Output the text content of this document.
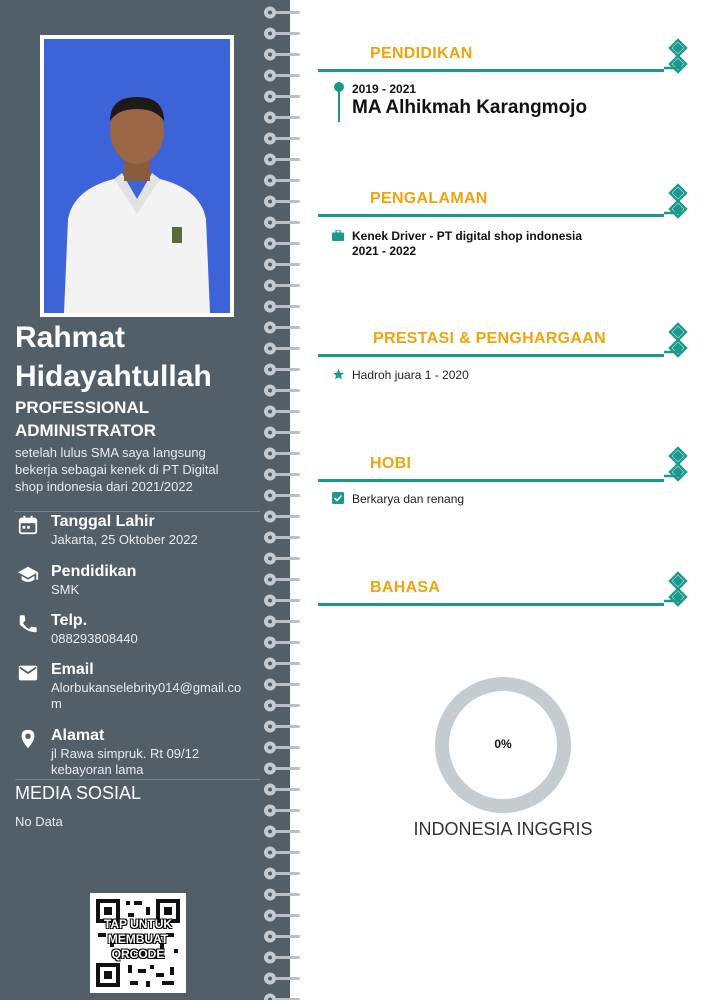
Rahmat Hidayahtullah
PROFESSIONAL ADMINISTRATOR
setelah lulus SMA saya langsung bekerja sebagai kenek di PT Digital shop indonesia dari 2021/2022
Tanggal Lahir
Jakarta, 25 Oktober 2022
Pendidikan
SMK
Telp.
088293808440
Email
Alorbukanselebrity014@gmail.com
Alamat
jl Rawa simpruk. Rt 09/12 kebayoran lama
MEDIA SOSIAL
No Data
TAP UNTUK MEMBUAT QRCODE
PENDIDIKAN
2019 - 2021
MA Alhikmah Karangmojo
PENGALAMAN
Kenek Driver - PT digital shop indonesia
2021 - 2022
PRESTASI & PENGHARGAAN
Hadroh juara 1 - 2020
HOBI
Berkarya dan renang
BAHASA
0%
INDONESIA INGGRIS
